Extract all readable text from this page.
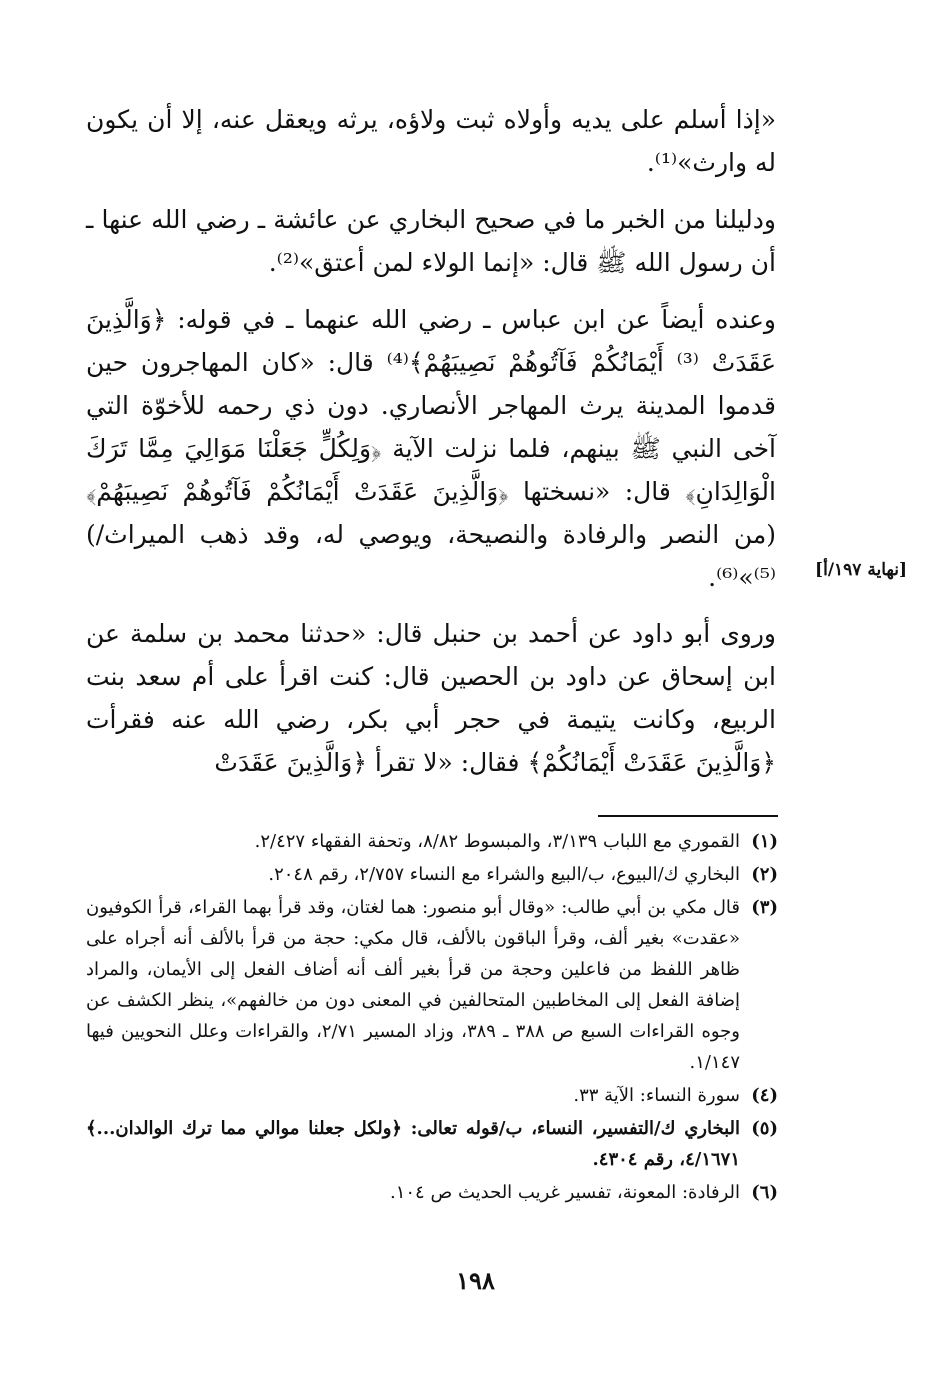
«إذا أسلم على يديه وأولاه ثبت ولاؤه، يرثه ويعقل عنه، إلا أن يكون له وارث»⁽¹⁾.

ودليلنا من الخبر ما في صحيح البخاري عن عائشة ـ رضي الله عنها ـ أن رسول الله ﷺ قال: «إنما الولاء لمن أعتق»⁽²⁾.

وعنده أيضاً عن ابن عباس ـ رضي الله عنهما ـ في قوله: ﴿وَالَّذِينَ عَقَدَتْ ⁽³⁾ أَيْمَانُكُمْ فَآتُوهُمْ نَصِيبَهُمْ﴾⁽⁴⁾ قال: «كان المهاجرون حين قدموا المدينة يرث المهاجر الأنصاري. دون ذي رحمه للأخوّة التي آخى النبي ﷺ بينهم، فلما نزلت الآية ﴿وَلِكُلٍّ جَعَلْنَا مَوَالِيَ مِمَّا تَرَكَ الْوَالِدَانِ﴾ قال: «نسختها ﴿وَالَّذِينَ عَقَدَتْ أَيْمَانُكُمْ فَآتُوهُمْ نَصِيبَهُمْ﴾ (من النصر والرفادة والنصيحة، ويوصي له، وقد ذهب الميراث/)⁽⁵⁾»⁽⁶⁾.

وروى أبو داود عن أحمد بن حنبل قال: «حدثنا محمد بن سلمة عن ابن إسحاق عن داود بن الحصين قال: كنت اقرأ على أم سعد بنت الربيع، وكانت يتيمة في حجر أبي بكر، رضي الله عنه فقرأت ﴿وَالَّذِينَ عَقَدَتْ أَيْمَانُكُمْ﴾ فقال: «لا تقرأ ﴿وَالَّذِينَ عَقَدَتْ

[نهاية ١٩٧/أ]
(١)
القموري مع اللباب ٣/١٣٩، والمبسوط ٨/٨٢، وتحفة الفقهاء ٢/٤٢٧.
(٢)
البخاري ك/البيوع، ب/البيع والشراء مع النساء ٢/٧٥٧، رقم ٢٠٤٨.
(٣)
قال مكي بن أبي طالب: «وقال أبو منصور: هما لغتان، وقد قرأ بهما القراء، قرأ الكوفيون «عقدت» بغير ألف، وقرأ الباقون بالألف، قال مكي: حجة من قرأ بالألف أنه أجراه على ظاهر اللفظ من فاعلين وحجة من قرأ بغير ألف أنه أضاف الفعل إلى الأيمان، والمراد إضافة الفعل إلى المخاطبين المتحالفين في المعنى دون من خالفهم»، ينظر الكشف عن وجوه القراءات السبع ص ٣٨٨ ـ ٣٨٩، وزاد المسير ٢/٧١، والقراءات وعلل النحويين فيها ١/١٤٧.
(٤)
سورة النساء: الآية ٣٣.
(٥)
البخاري ك/التفسير، النساء، ب/قوله تعالى: ﴿ولكل جعلنا موالي مما ترك الوالدان...﴾ ٤/١٦٧١، رقم ٤٣٠٤.
(٦)
الرفادة: المعونة، تفسير غريب الحديث ص ١٠٤.
١٩٨
